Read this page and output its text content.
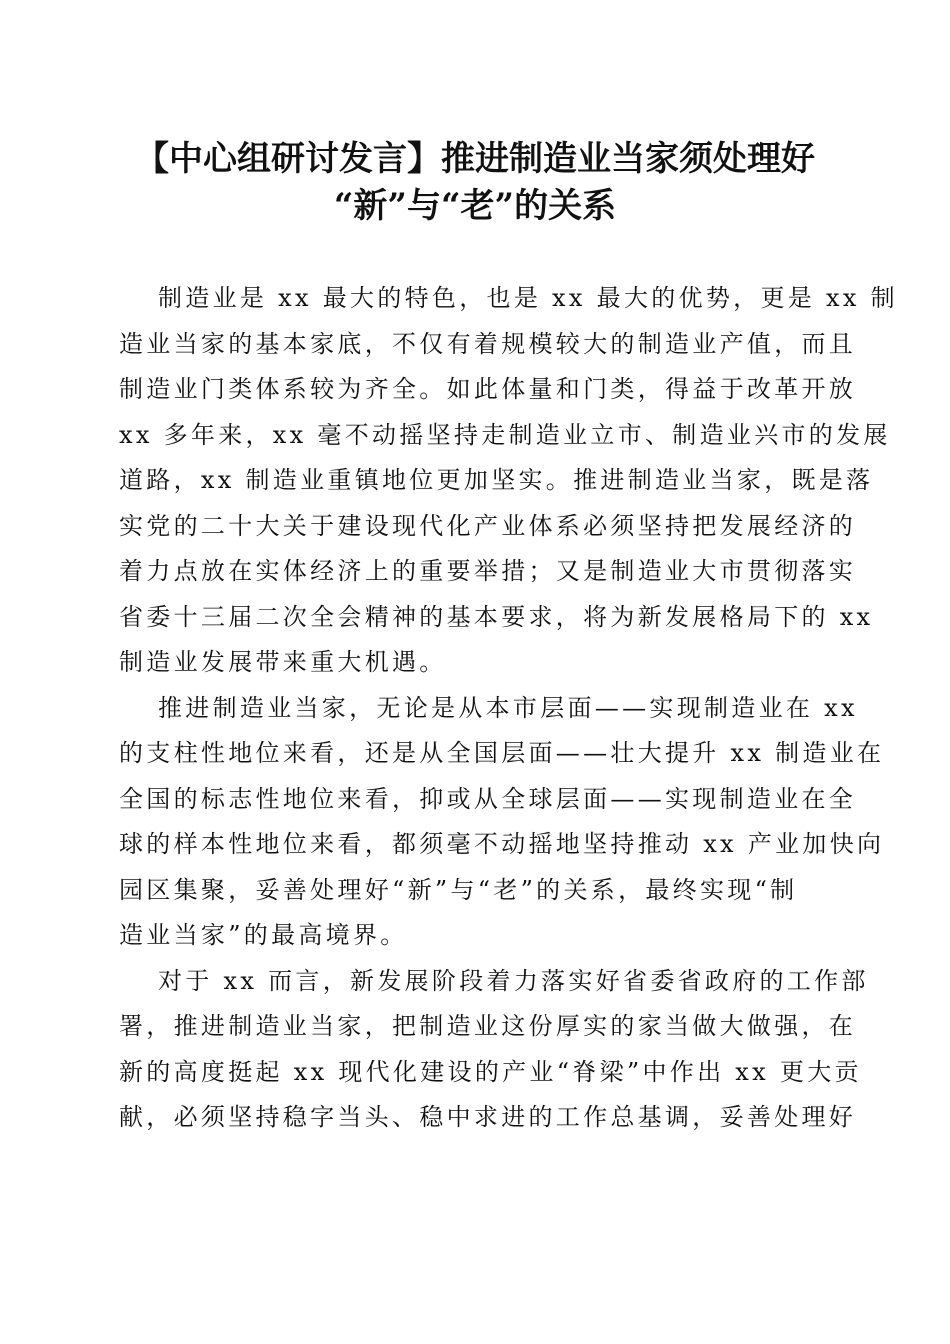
【中心组研讨发言】推进制造业当家须处理好
“新”与“老”的关系

制造业是 xx 最大的特色，也是 xx 最大的优势，更是 xx 制
造业当家的基本家底，不仅有着规模较大的制造业产值，而且
制造业门类体系较为齐全。如此体量和门类，得益于改革开放
xx 多年来，xx 毫不动摇坚持走制造业立市、制造业兴市的发展
道路，xx 制造业重镇地位更加坚实。推进制造业当家，既是落
实党的二十大关于建设现代化产业体系必须坚持把发展经济的
着力点放在实体经济上的重要举措；又是制造业大市贯彻落实
省委十三届二次全会精神的基本要求，将为新发展格局下的 xx
制造业发展带来重大机遇。

推进制造业当家，无论是从本市层面——实现制造业在 xx
的支柱性地位来看，还是从全国层面——壮大提升 xx 制造业在
全国的标志性地位来看，抑或从全球层面——实现制造业在全
球的样本性地位来看，都须毫不动摇地坚持推动 xx 产业加快向
园区集聚，妥善处理好“新”与“老”的关系，最终实现“制
造业当家”的最高境界。

对于 xx 而言，新发展阶段着力落实好省委省政府的工作部
署，推进制造业当家，把制造业这份厚实的家当做大做强，在
新的高度挺起 xx 现代化建设的产业“脊梁”中作出 xx 更大贡
献，必须坚持稳字当头、稳中求进的工作总基调，妥善处理好
